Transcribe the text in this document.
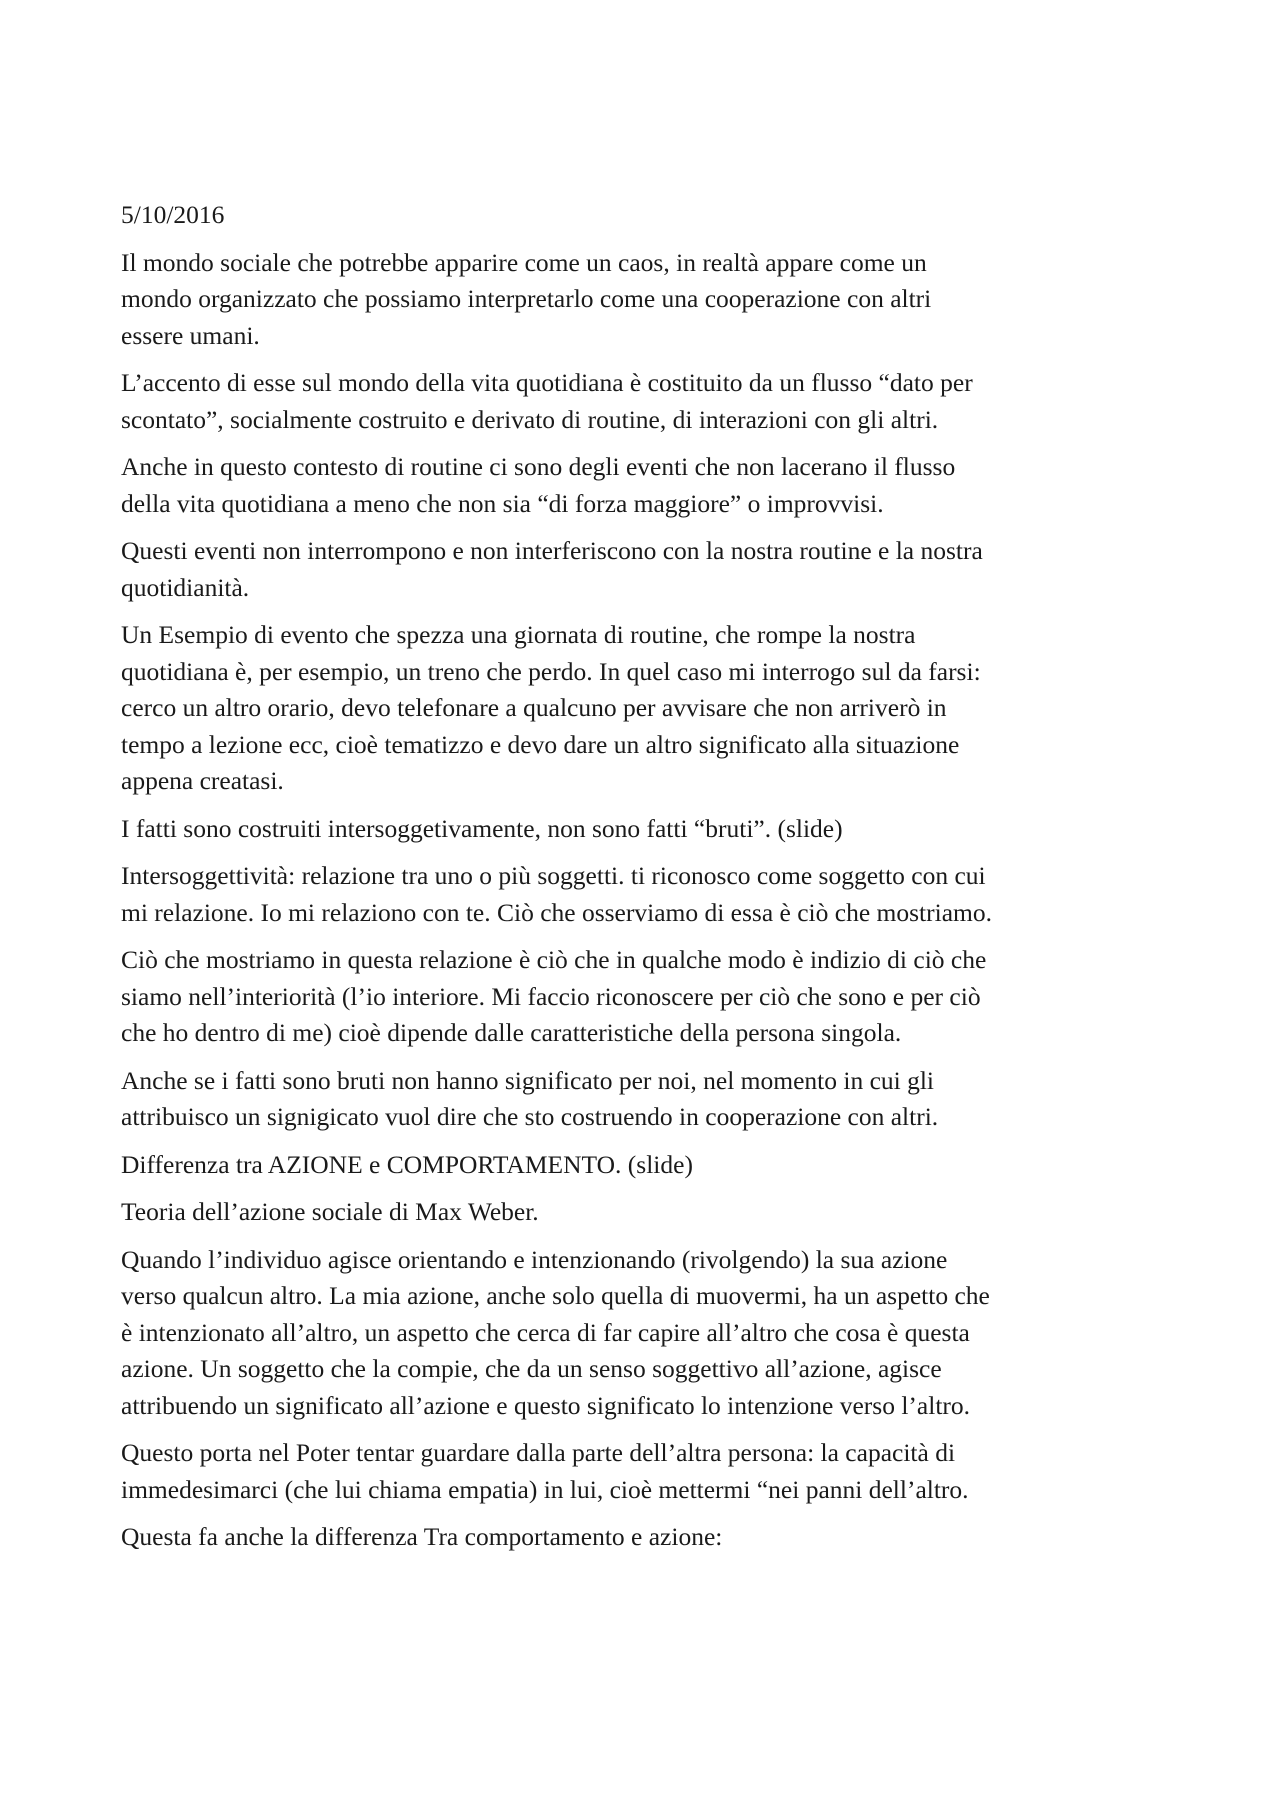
5/10/2016
Il mondo sociale che potrebbe apparire come un caos, in realtà appare come un
mondo organizzato che possiamo interpretarlo come una cooperazione con altri
essere umani.
L’accento di esse sul mondo della vita quotidiana è costituito da un flusso “dato per
scontato”, socialmente costruito e derivato di routine, di interazioni con gli altri.
Anche in questo contesto di routine ci sono degli eventi che non lacerano il flusso
della vita quotidiana a meno che non sia “di forza maggiore” o improvvisi.
Questi eventi non interrompono e non interferiscono con la nostra routine e la nostra
quotidianità.
Un Esempio di evento che spezza una giornata di routine, che rompe la nostra
quotidiana è, per esempio, un treno che perdo. In quel caso mi interrogo sul da farsi:
cerco un altro orario, devo telefonare a qualcuno per avvisare che non arriverò in
tempo a lezione ecc, cioè tematizzo e devo dare un altro significato alla situazione
appena creatasi.
I fatti sono costruiti intersoggetivamente, non sono fatti “bruti”. (slide)
Intersoggettività: relazione tra uno o più soggetti. ti riconosco come soggetto con cui
mi relazione. Io mi relaziono con te. Ciò che osserviamo di essa è ciò che mostriamo.
Ciò che mostriamo in questa relazione è ciò che in qualche modo è indizio di ciò che
siamo nell’interiorità (l’io interiore. Mi faccio riconoscere per ciò che sono e per ciò
che ho dentro di me) cioè dipende dalle caratteristiche della persona singola.
Anche se i fatti sono bruti non hanno significato per noi, nel momento in cui gli
attribuisco un signigicato vuol dire che sto costruendo in cooperazione con altri.
Differenza tra AZIONE e COMPORTAMENTO. (slide)
Teoria dell’azione sociale di Max Weber.
Quando l’individuo agisce orientando e intenzionando (rivolgendo) la sua azione
verso qualcun altro. La mia azione, anche solo quella di muovermi, ha un aspetto che
è intenzionato all’altro, un aspetto che cerca di far capire all’altro che cosa è questa
azione. Un soggetto che la compie, che da un senso soggettivo all’azione, agisce
attribuendo un significato all’azione e questo significato lo intenzione verso l’altro.
Questo porta nel Poter tentar guardare dalla parte dell’altra persona: la capacità di
immedesimarci (che lui chiama empatia) in lui, cioè mettermi “nei panni dell’altro.
Questa fa anche la differenza Tra comportamento e azione:
